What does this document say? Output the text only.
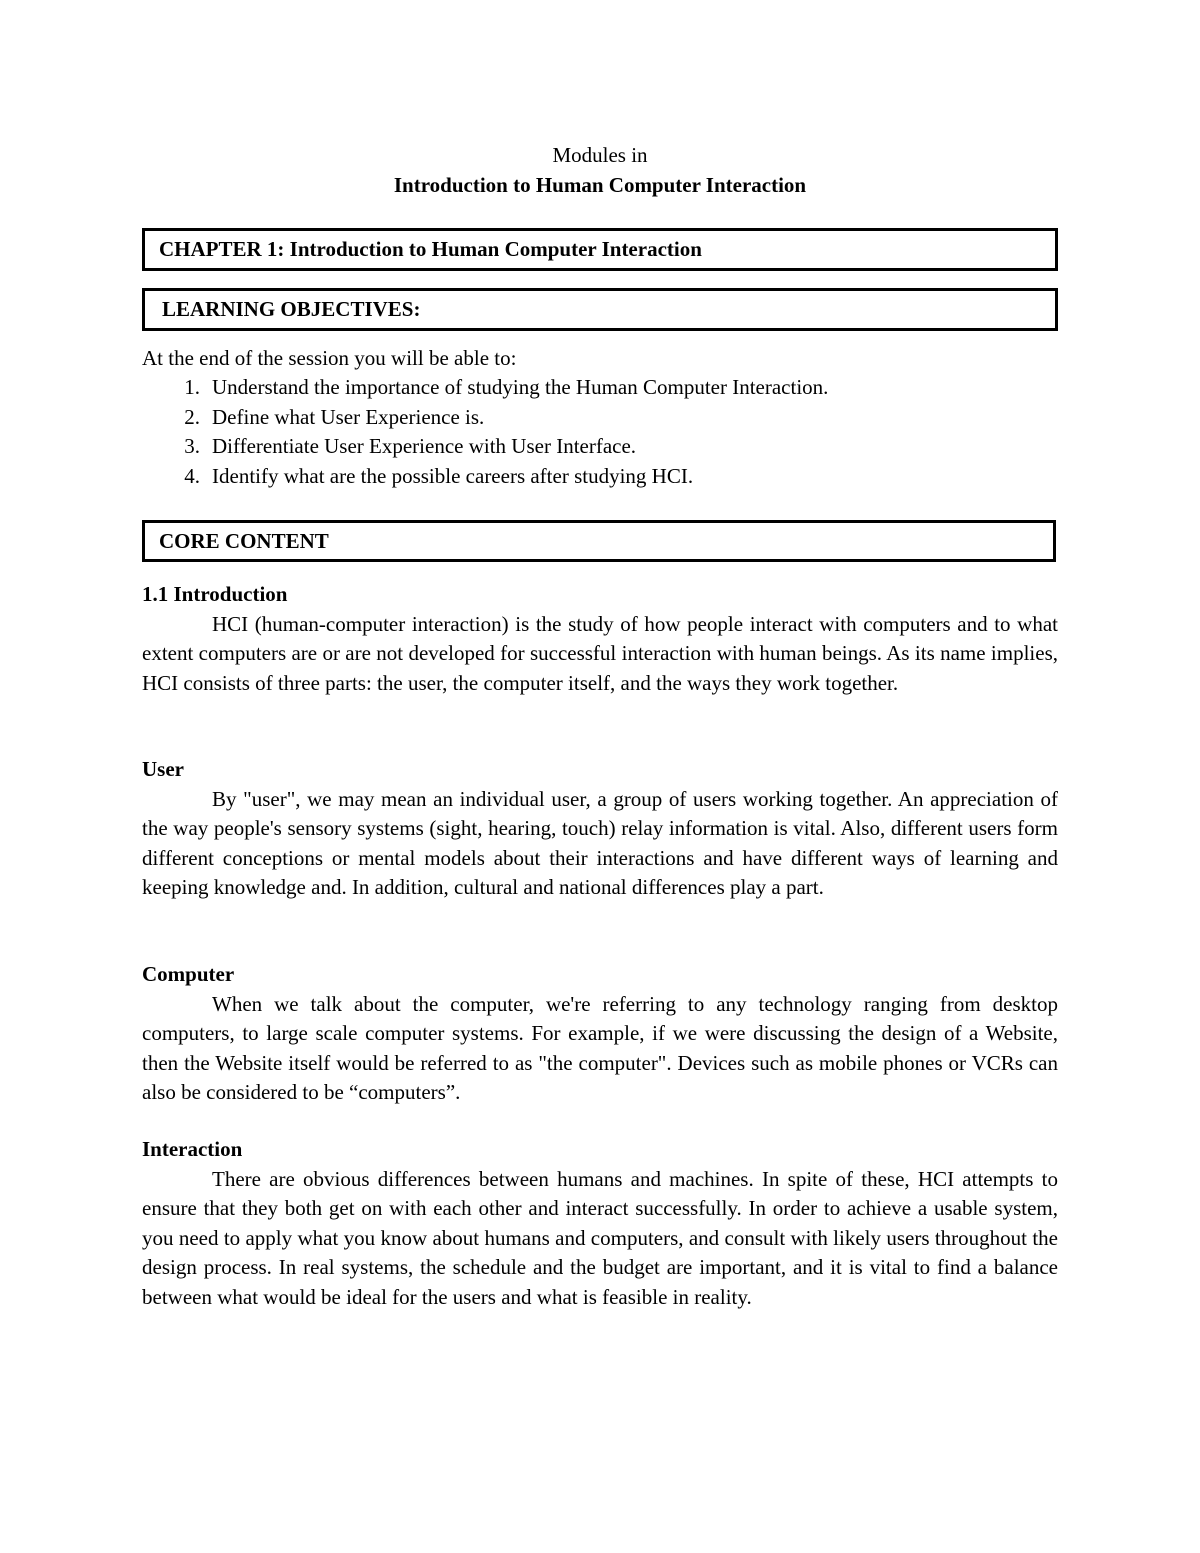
Modules in
Introduction to Human Computer Interaction
CHAPTER 1: Introduction to Human Computer Interaction
LEARNING OBJECTIVES:
At the end of the session you will be able to:
1. Understand the importance of studying the Human Computer Interaction.
2. Define what User Experience is.
3. Differentiate User Experience with User Interface.
4. Identify what are the possible careers after studying HCI.
CORE CONTENT
1.1 Introduction

HCI (human-computer interaction) is the study of how people interact with computers and to what extent computers are or are not developed for successful interaction with human beings. As its name implies, HCI consists of three parts: the user, the computer itself, and the ways they work together.

User

By "user", we may mean an individual user, a group of users working together. An appreciation of the way people's sensory systems (sight, hearing, touch) relay information is vital. Also, different users form different conceptions or mental models about their interactions and have different ways of learning and keeping knowledge and. In addition, cultural and national differences play a part.

Computer

When we talk about the computer, we're referring to any technology ranging from desktop computers, to large scale computer systems. For example, if we were discussing the design of a Website, then the Website itself would be referred to as "the computer". Devices such as mobile phones or VCRs can also be considered to be “computers”.

Interaction

There are obvious differences between humans and machines. In spite of these, HCI attempts to ensure that they both get on with each other and interact successfully. In order to achieve a usable system, you need to apply what you know about humans and computers, and consult with likely users throughout the design process. In real systems, the schedule and the budget are important, and it is vital to find a balance between what would be ideal for the users and what is feasible in reality.
